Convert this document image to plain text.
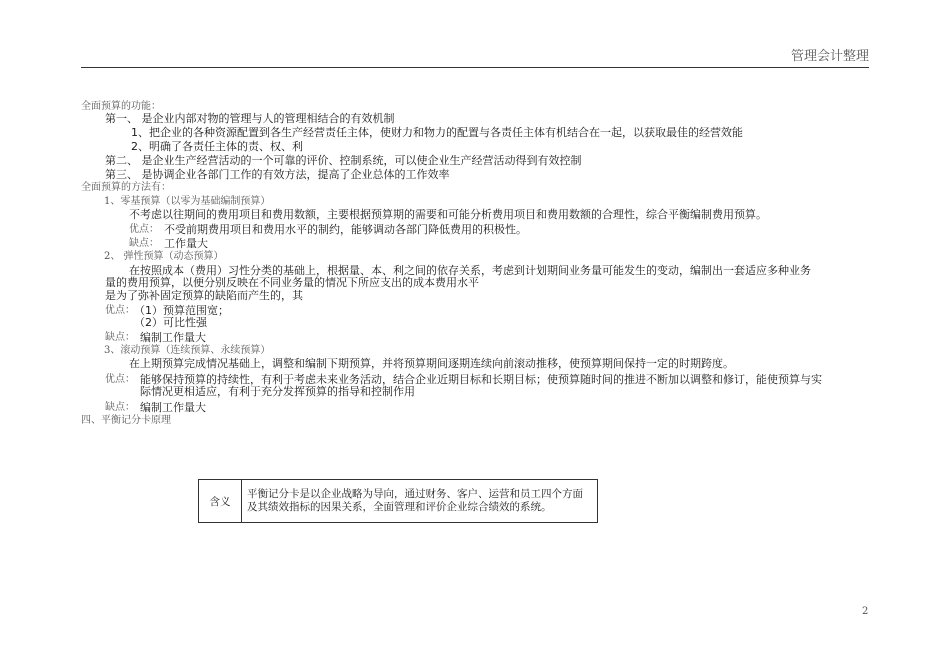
管理会计整理
全面预算的功能：
第一、 是企业内部对物的管理与人的管理相结合的有效机制
1、把企业的各种资源配置到各生产经营责任主体，使财力和物力的配置与各责任主体有机结合在一起，以获取最佳的经营效能
2、明确了各责任主体的责、权、利
第二、 是企业生产经营活动的一个可靠的评价、控制系统，可以使企业生产经营活动得到有效控制
第三、 是协调企业各部门工作的有效方法，提高了企业总体的工作效率
全面预算的方法有：
1、零基预算（以零为基础编制预算）
不考虑以往期间的费用项目和费用数额，主要根据预算期的需要和可能分析费用项目和费用数额的合理性，综合平衡编制费用预算。
优点： 不受前期费用项目和费用水平的制约，能够调动各部门降低费用的积极性。
缺点： 工作量大
2、 弹性预算（动态预算）
在按照成本（费用）习性分类的基础上，根据量、本、利之间的依存关系，考虑到计划期间业务量可能发生的变动，编制出一套适应多种业务
量的费用预算，以便分别反映在不同业务量的情况下所应支出的成本费用水平
是为了弥补固定预算的缺陷而产生的，其
优点： （1）预算范围宽；
（2）可比性强
缺点： 编制工作量大
3、滚动预算（连续预算、永续预算）
在上期预算完成情况基础上，调整和编制下期预算，并将预算期间逐期连续向前滚动推移，使预算期间保持一定的时期跨度。
优点： 能够保持预算的持续性，有利于考虑未来业务活动，结合企业近期目标和长期目标；使预算随时间的推进不断加以调整和修订，能使预算与实
际情况更相适应，有利于充分发挥预算的指导和控制作用
缺点： 编制工作量大
四、平衡记分卡原理
含义	平衡记分卡是以企业战略为导向，通过财务、客户、运营和员工四个方面及其绩效指标的因果关系，全面管理和评价企业综合绩效的系统。
2
